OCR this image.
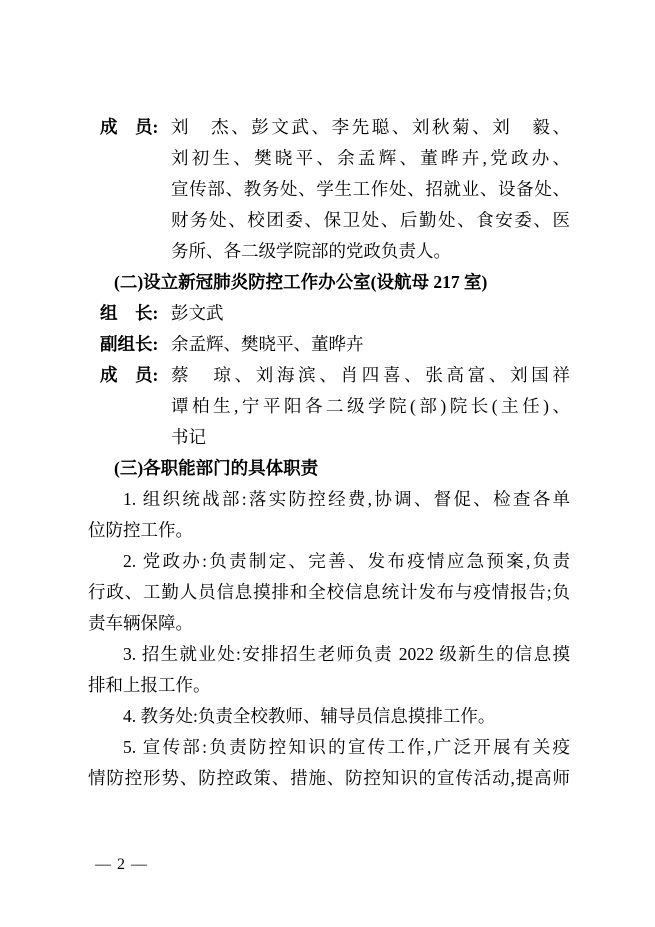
成　员: 刘　杰、彭文武、李先聪、刘秋菊、刘　毅、
刘初生、樊晓平、余孟辉、董晔卉,党政办、
宣传部、教务处、学生工作处、招就业、设备处、
财务处、校团委、保卫处、后勤处、食安委、医
务所、各二级学院部的党政负责人。
(二)设立新冠肺炎防控工作办公室(设航母 217 室)
组　长: 彭文武
副组长: 余孟辉、樊晓平、董晔卉
成　员: 蔡　琼、刘海滨、肖四喜、张高富、刘国祥
谭柏生,宁平阳各二级学院(部)院长(主任)、
书记
(三)各职能部门的具体职责
1. 组织统战部:落实防控经费,协调、督促、检查各单
位防控工作。
2. 党政办:负责制定、完善、发布疫情应急预案,负责
行政、工勤人员信息摸排和全校信息统计发布与疫情报告;负
责车辆保障。
3. 招生就业处:安排招生老师负责 2022 级新生的信息摸
排和上报工作。
4. 教务处:负责全校教师、辅导员信息摸排工作。
5. 宣传部:负责防控知识的宣传工作,广泛开展有关疫
情防控形势、防控政策、措施、防控知识的宣传活动,提高师
— 2 —
